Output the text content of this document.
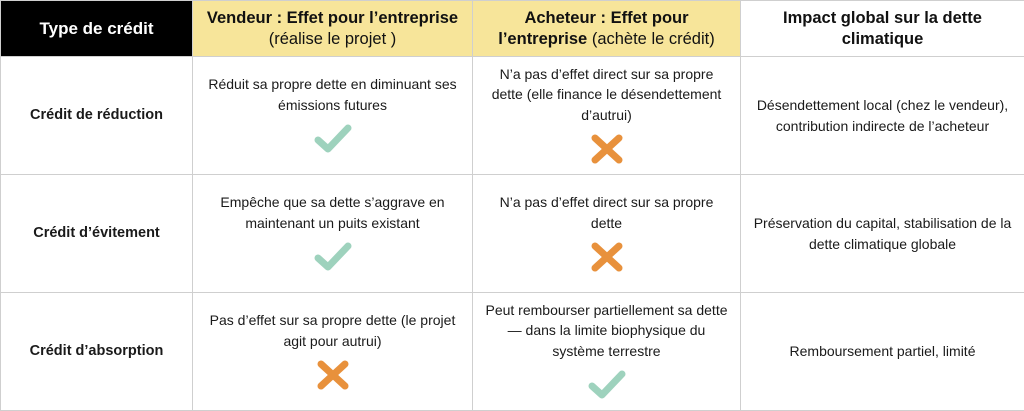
Type de crédit	Vendeur : Effet pour l’entreprise (réalise le projet )	Acheteur : Effet pour l’entreprise (achète le crédit)	Impact global sur la dette climatique
Crédit de réduction	Réduit sa propre dette en diminuant ses émissions futures	N’a pas d’effet direct sur sa propre dette (elle finance le désendettement d’autrui)	Désendettement local (chez le vendeur), contribution indirecte de l’acheteur
Crédit d’évitement	Empêche que sa dette s’aggrave en maintenant un puits existant	N’a pas d’effet direct sur sa propre dette	Préservation du capital, stabilisation de la dette climatique globale
Crédit d’absorption	Pas d’effet sur sa propre dette (le projet agit pour autrui)	Peut rembourser partiellement sa dette — dans la limite biophysique du système terrestre	Remboursement partiel, limité
